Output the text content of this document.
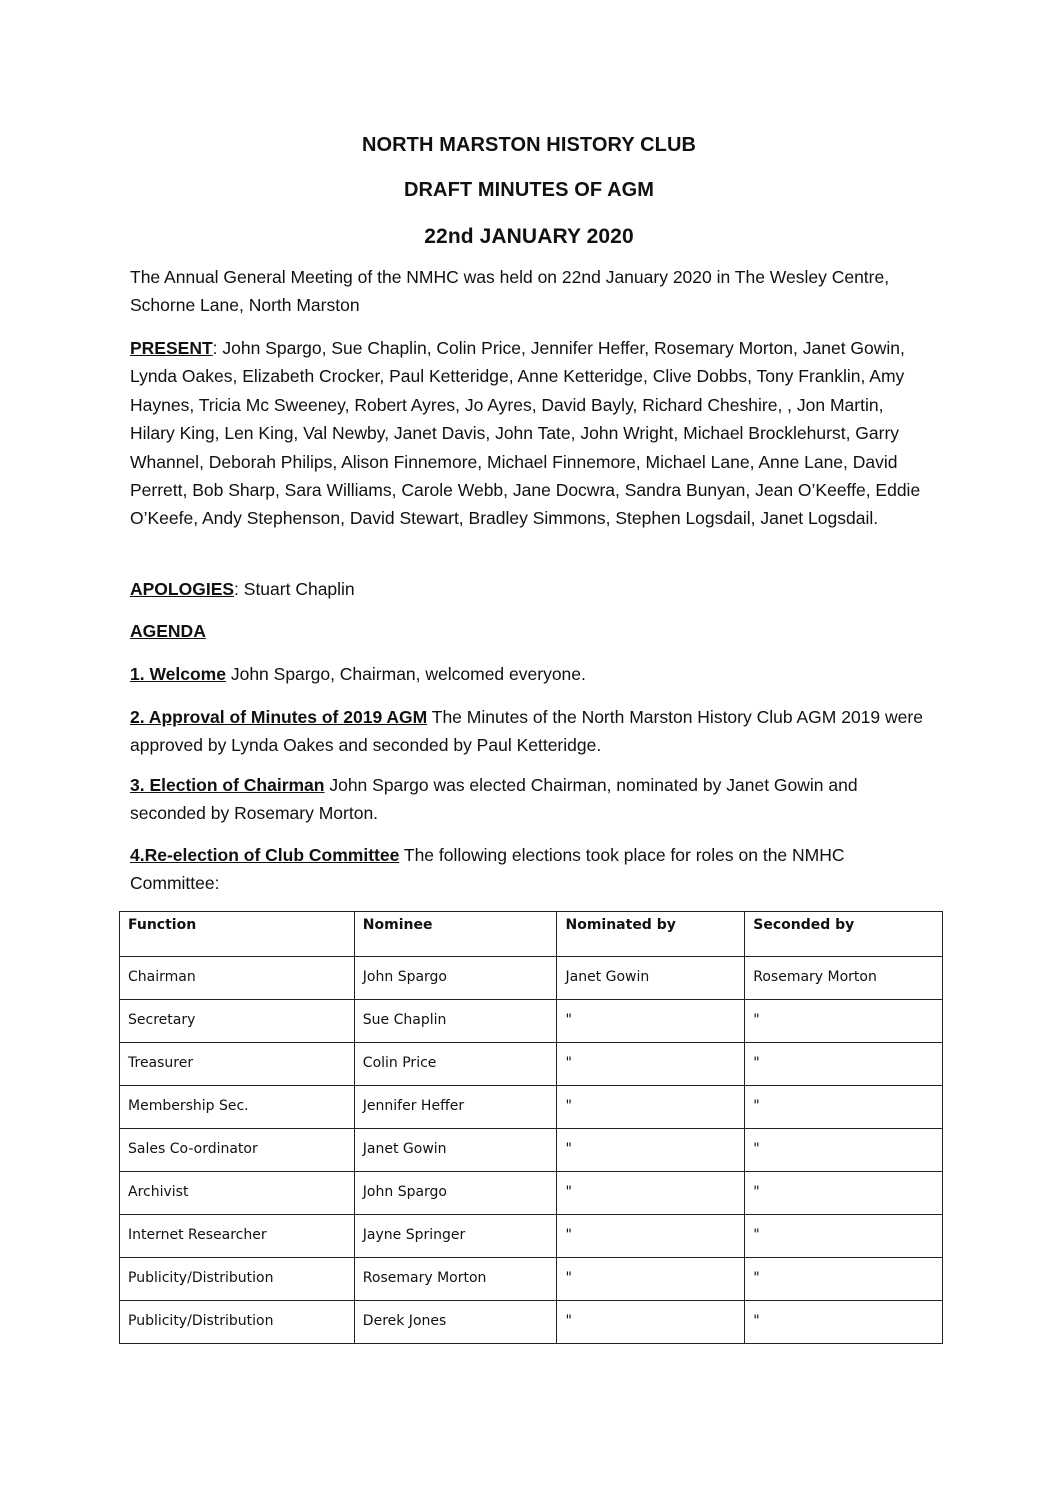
NORTH MARSTON HISTORY CLUB
DRAFT MINUTES OF AGM
22nd JANUARY 2020

The Annual General Meeting of the NMHC was held on 22nd January 2020 in The Wesley Centre, Schorne Lane, North Marston

PRESENT: John Spargo, Sue Chaplin, Colin Price, Jennifer Heffer, Rosemary Morton, Janet Gowin, Lynda Oakes, Elizabeth Crocker, Paul Ketteridge, Anne Ketteridge, Clive Dobbs, Tony Franklin, Amy Haynes, Tricia Mc Sweeney, Robert Ayres, Jo Ayres, David Bayly, Richard Cheshire, , Jon Martin, Hilary King, Len King, Val Newby, Janet Davis, John Tate, John Wright, Michael Brocklehurst, Garry Whannel, Deborah Philips, Alison Finnemore, Michael Finnemore, Michael Lane, Anne Lane, David Perrett, Bob Sharp, Sara Williams, Carole Webb, Jane Docwra, Sandra Bunyan, Jean O’Keeffe, Eddie O’Keefe, Andy Stephenson, David Stewart, Bradley Simmons, Stephen Logsdail, Janet Logsdail.

APOLOGIES: Stuart Chaplin

AGENDA

1. Welcome John Spargo, Chairman, welcomed everyone.

2. Approval of Minutes of 2019 AGM The Minutes of the North Marston History Club AGM 2019 were approved by Lynda Oakes and seconded by Paul Ketteridge.

3. Election of Chairman John Spargo was elected Chairman, nominated by Janet Gowin and seconded by Rosemary Morton.

4.Re-election of Club Committee The following elections took place for roles on the NMHC Committee:

Function	Nominee	Nominated by	Seconded by
Chairman	John Spargo	Janet Gowin	Rosemary Morton
Secretary	Sue Chaplin	"	"
Treasurer	Colin Price	"	"
Membership Sec.	Jennifer Heffer	"	"
Sales Co-ordinator	Janet Gowin	"	"
Archivist	John Spargo	"	"
Internet Researcher	Jayne Springer	"	"
Publicity/Distribution	Rosemary Morton	"	"
Publicity/Distribution	Derek Jones	"	"
